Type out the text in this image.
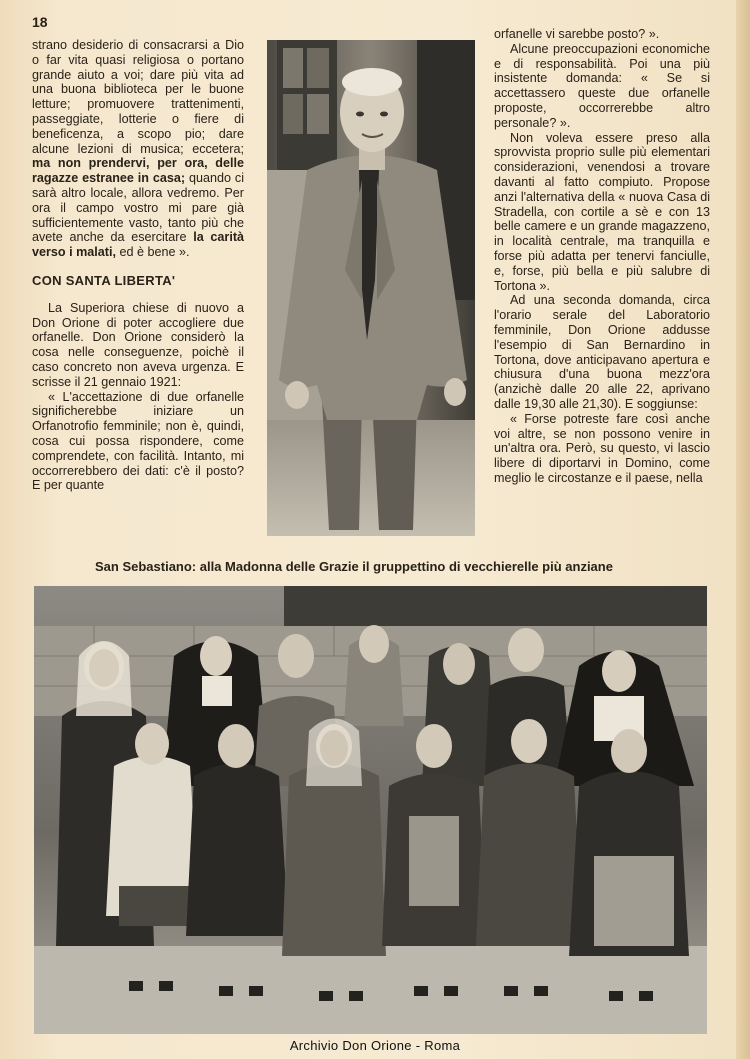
18

strano desiderio di consacrarsi a Dio o far vita quasi religiosa o portano grande aiuto a voi; dare più vita ad una buona biblioteca per le buone letture; promuovere trattenimenti, passeggiate, lotterie o fiere di beneficenza, a scopo pio; dare alcune lezioni di musica; eccetera; ma non prendervi, per ora, delle ragazze estranee in casa; quando ci sarà altro locale, allora vedremo. Per ora il campo vostro mi pare già sufficientemente vasto, tanto più che avete anche da esercitare la carità verso i malati, ed è bene ».

CON SANTA LIBERTA'

La Superiora chiese di nuovo a Don Orione di poter accogliere due orfanelle. Don Orione considerò la cosa nelle conseguenze, poichè il caso concreto non aveva urgenza. E scrisse il 21 gennaio 1921:

« L'accettazione di due orfanelle significherebbe iniziare un Orfanotrofio femminile; non è, quindi, cosa cui possa rispondere, come comprendete, con facilità. Intanto, mi occorrerebbero dei dati: c'è il posto? E per quante

orfanelle vi sarebbe posto? ».

Alcune preoccupazioni economiche e di responsabilità. Poi una più insistente domanda: « Se si accettassero queste due orfanelle proposte, occorrerebbe altro personale? ».

Non voleva essere preso alla sprovvista proprio sulle più elementari considerazioni, venendosi a trovare davanti al fatto compiuto. Propose anzi l'alternativa della « nuova Casa di Stradella, con cortile a sè e con 13 belle camere e un grande magazzeno, in località centrale, ma tranquilla e forse più adatta per tenervi fanciulle, e, forse, più bella e più salubre di Tortona ».

Ad una seconda domanda, circa l'orario serale del Laboratorio femminile, Don Orione addusse l'esempio di San Bernardino in Tortona, dove anticipavano apertura e chiusura d'una buona mezz'ora (anzichè dalle 20 alle 22, aprivano dalle 19,30 alle 21,30). E soggiunse:

« Forse potreste fare così anche voi altre, se non possono venire in un'altra ora. Però, su questo, vi lascio libere di diportarvi in Domino, come meglio le circostanze e il paese, nella

San Sebastiano: alla Madonna delle Grazie il gruppettino di vecchierelle più anziane
Archivio Don Orione - Roma
